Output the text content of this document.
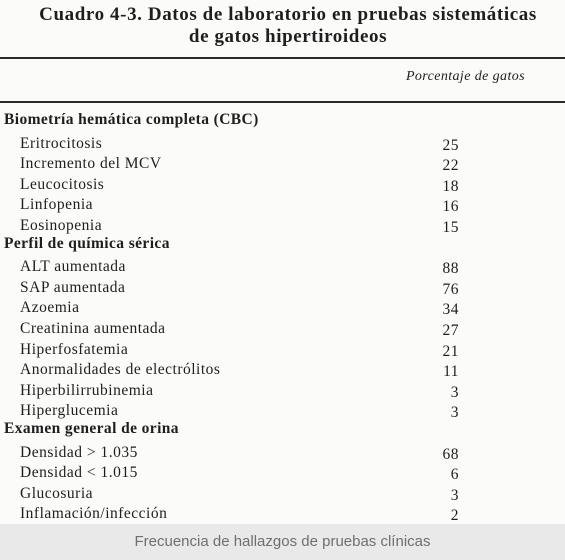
Cuadro 4-3. Datos de laboratorio en pruebas sistemáticas
de gatos hipertiroideos
Porcentaje de gatos
Biometría hemática completa (CBC)
Eritrocitosis	25
Incremento del MCV	22
Leucocitosis	18
Linfopenia	16
Eosinopenia	15
Perfil de química sérica
ALT aumentada	88
SAP aumentada	76
Azoemia	34
Creatinina aumentada	27
Hiperfosfatemia	21
Anormalidades de electrólitos	11
Hiperbilirrubinemia	3
Hiperglucemia	3
Examen general de orina
Densidad > 1.035	68
Densidad < 1.015	6
Glucosuria	3
Inflamación/infección	2
Frecuencia de hallazgos de pruebas clínicas
